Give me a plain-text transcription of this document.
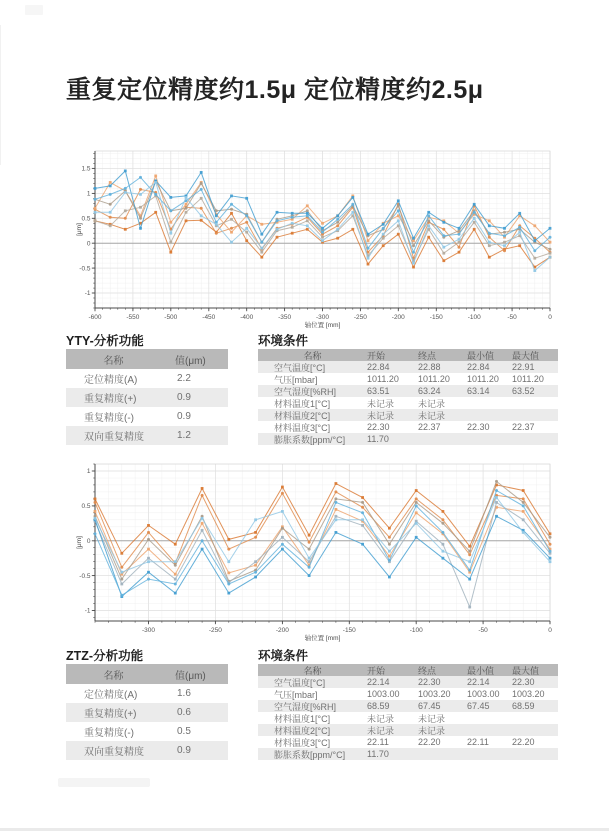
重复定位精度约1.5μ 定位精度约2.5μ
-600	-550	-500	-450	-400	-350	-300	-250	-200	-150	-100	-50	0
-1
-0.5
0
0.5
1
1.5
轴位置 [mm]
[μm]
YTY-分析功能
名称	值(μm)
定位精度(A)	2.2
重复精度(+)	0.9
重复精度(-)	0.9
双向重复精度	1.2
环境条件
名称	开始	终点	最小值	最大值
空气温度[°C]	22.84	22.88	22.84	22.91
气压[mbar]	1011.20	1011.20	1011.20	1011.20
空气湿度[%RH]	63.51	63.24	63.14	63.52
材料温度1[°C]	未记录	未记录
材料温度2[°C]	未记录	未记录
材料温度3[°C]	22.30	22.37	22.30	22.37
膨胀系数[ppm/°C]	11.70
-300	-250	-200	-150	-100	-50	0
-1
-0.5
0
0.5
1
轴位置 [mm]
[μm]
ZTZ-分析功能
名称	值(μm)
定位精度(A)	1.6
重复精度(+)	0.6
重复精度(-)	0.5
双向重复精度	0.9
环境条件
名称	开始	终点	最小值	最大值
空气温度[°C]	22.14	22.30	22.14	22.30
气压[mbar]	1003.00	1003.20	1003.00	1003.20
空气湿度[%RH]	68.59	67.45	67.45	68.59
材料温度1[°C]	未记录	未记录
材料温度2[°C]	未记录	未记录
材料温度3[°C]	22.11	22.20	22.11	22.20
膨胀系数[ppm/°C]	11.70
